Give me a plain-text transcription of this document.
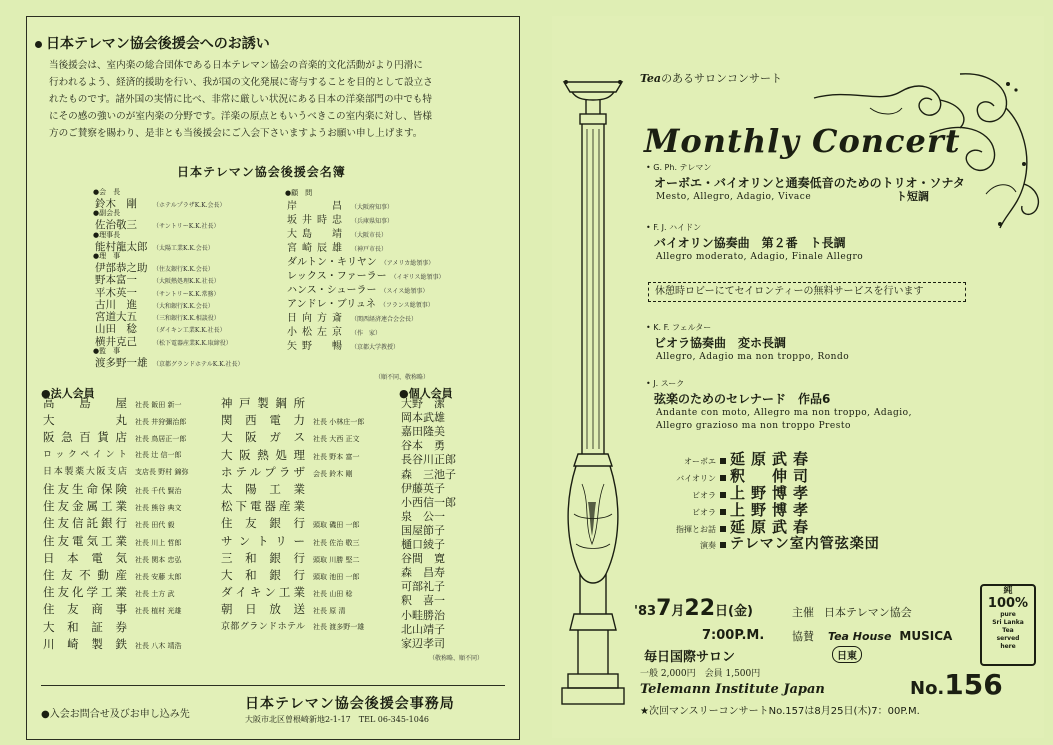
日本テレマン協会後援会へのお誘い
当後援会は、室内楽の総合団体である日本テレマン協会の音楽的文化活動がより円滑に
行われるよう、経済的援助を行い、我が国の文化発展に寄与することを目的として設立さ
れたものです。諸外国の実情に比べ、非常に厳しい状況にある日本の洋楽部門の中でも特
にその感の強いのが室内楽の分野です。洋楽の原点ともいうべきこの室内楽に対し、皆様
方のご賛察を賜わり、是非とも当後援会にご入会下さいますようお願い申し上げます。
日本テレマン協会後援会名簿
●会　長
鈴木　剛	（ホテルプラザK.K.会長）
●副会長
佐治敬三	（サントリーK.K.社長）
●理事長
能村龍太郎 （太陽工業K.K.会長）
●理　事
伊部恭之助 （住友銀行K.K.会長）
野本富一	（大阪熱処理K.K.社長）
平木英一	（サントリーK.K.常務）
古川　進	（大和銀行K.K.会長）
宮道大五	（三和銀行K.K.相談役）
山田　稔	（ダイキン工業K.K.社長）
横井克己	（松下電器産業K.K.取締役）
●監　事
渡多野一雄 （京都グランドホテルK.K.社長）
●顧　問
岸　　昌 （大阪府知事）
坂井時忠 （兵庫県知事）
大島　靖 （大阪市長）
宮崎辰雄 （神戸市長）
ダルトン・キリヤン （アメリカ総領事）
レックス・ファーラー （イギリス総領事）
ハンス・シューラー （スイス総領事）
アンドレ・ブリュネ （フランス総領事）
日向方斎 （関西経済連合会会長）
小松左京 （作　家）
矢野　暢 （京都大学教授）
（順不同、敬称略）
●法人会員	●個人会員
高島屋 社長 飯田 新一
大丸 社長 井狩彌治郎
阪急百貨店 社長 鳥居正一郎
ロックペイント 社長 辻 信一郎
日本製薬大阪支店 支店長 野村 錦弥
住友生命保険 社長 千代 賢治
住友金属工業 社長 熊谷 典文
住友信託銀行 社長 田代 毅
住友電気工業 社長 川上 哲郎
日本電気 社長 関本 忠弘
住友不動産 社長 安藤 太郎
住友化学工業 社長 土方 武
住友商事 社長 植村 光雄
大和証券
川崎製鉄 社長 八木 靖浩
神戸製鋼所
関西電力 社長 小林庄一郎
大阪ガス 社長 大西 正文
大阪熱処理 社長 野本 富一
ホテルプラザ 会長 鈴木 剛
太陽工業
松下電器産業
住友銀行 頭取 磯田 一郎
サントリー 社長 佐治 敬三
三和銀行 頭取 川勝 堅二
大和銀行 頭取 池田 一郎
ダイキン工業 社長 山田 稔
朝日放送 社長 原 清
京都グランドホテル 社長 渡多野一雄
大野　潔
岡本武雄
嘉田隆美
谷本　勇
長谷川正郎
森　三池子
伊藤英子
小西信一郎
泉　公一
国屋節子
樋口綾子
谷間　寛
森　昌寿
可部礼子
釈　喜一
小畦勝治
北山靖子
家辺孝司
（敬称略、順不同）
●入会お問合せ及びお申し込み先
日本テレマン協会後援会事務局
大阪市北区曽根崎新地2-1-17　TEL 06-345-1046
Teaのあるサロンコンサート
Monthly Concert
• G. Ph. テレマン
オーボエ・バイオリンと通奏低音のためのトリオ・ソナタ
ト短調
Mesto, Allegro, Adagio, Vivace
• F. J. ハイドン
バイオリン協奏曲　第２番　ト長調
Allegro moderato, Adagio, Finale Allegro
• K. F. フェルター
ビオラ協奏曲　変ホ長調
Allegro, Adagio ma non troppo, Rondo
• J. スーク
弦楽のためのセレナード　作品6
Andante con moto, Allegro ma non troppo, Adagio,
Allegro grazioso ma non troppo Presto
休憩時ロビーにてセイロンティーの無料サービスを行います
オーボエ 延原武春
バイオリン 釈　伸司
ビオラ 上野博孝
ビオラ 上野博孝
指揮とお話 延原武春
演奏 テレマン室内管弦楽団
'837月22日(金)
7:00P.M.
毎日国際サロン
一般 2,000円　会員 1,500円
主催 日本テレマン協会
協賛 Tea House MUSICA
日東
純
100%
pure
Sri Lanka
Tea
served
here
No.156
Telemann Institute Japan
★次回マンスリーコンサートNo.157は8月25日(木)7：00P.M.
